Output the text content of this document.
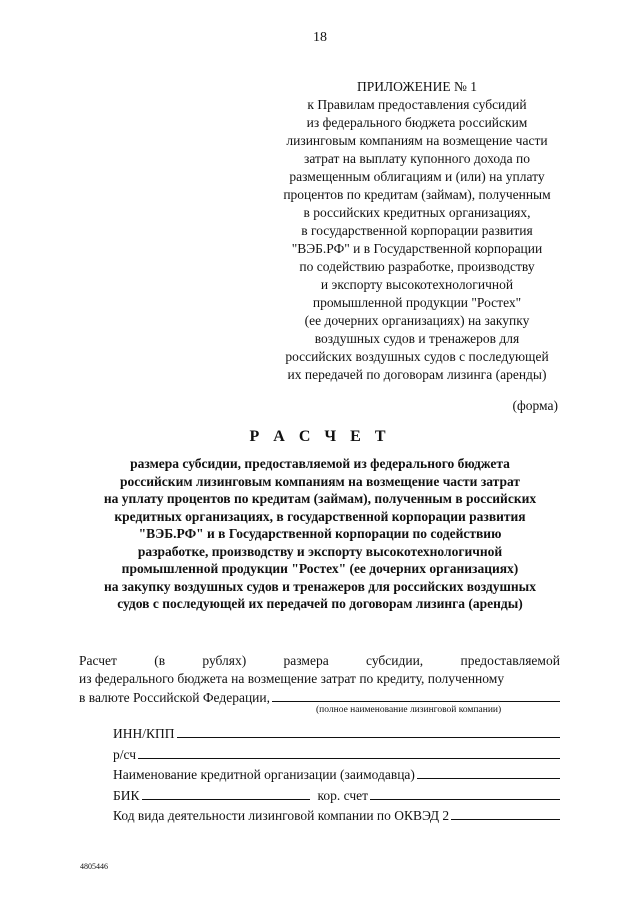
18
ПРИЛОЖЕНИЕ № 1
к Правилам предоставления субсидий
из федерального бюджета российским
лизинговым компаниям на возмещение части
затрат на выплату купонного дохода по
размещенным облигациям и (или) на уплату
процентов по кредитам (займам), полученным
в российских кредитных организациях,
в государственной корпорации развития
"ВЭБ.РФ" и в Государственной корпорации
по содействию разработке, производству
и экспорту высокотехнологичной
промышленной продукции "Ростех"
(ее дочерних организациях) на закупку
воздушных судов и тренажеров для
российских воздушных судов с последующей
их передачей по договорам лизинга (аренды)
(форма)
Р А С Ч Е Т
размера субсидии, предоставляемой из федерального бюджета
российским лизинговым компаниям на возмещение части затрат
на уплату процентов по кредитам (займам), полученным в российских
кредитных организациях, в государственной корпорации развития
"ВЭБ.РФ" и в Государственной корпорации по содействию
разработке, производству и экспорту высокотехнологичной
промышленной продукции "Ростех" (ее дочерних организациях)
на закупку воздушных судов и тренажеров для российских воздушных
судов с последующей их передачей по договорам лизинга (аренды)
Расчет	(в	рублях)	размера	субсидии,	предоставляемой
из федерального бюджета на возмещение затрат по кредиту, полученному
в валюте Российской Федерации,
(полное наименование лизинговой компании)
ИНН/КПП
р/сч
Наименование кредитной организации (заимодавца)
БИК	кор. счет
Код вида деятельности лизинговой компании по ОКВЭД 2
4805446
